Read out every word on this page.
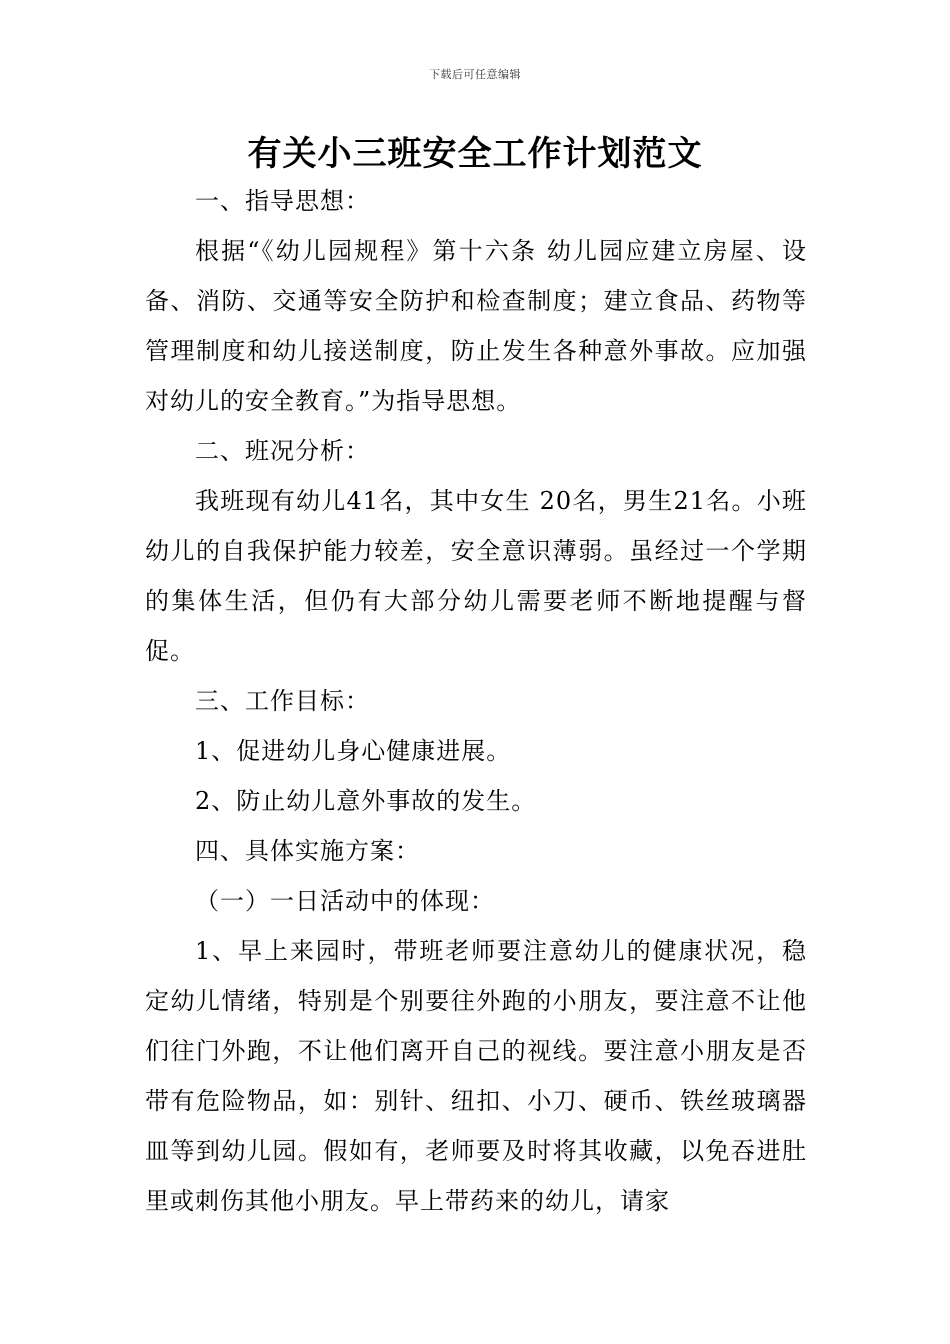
下载后可任意编辑
有关小三班安全工作计划范文

一、指导思想：

根据“《幼儿园规程》第十六条 幼儿园应建立房屋、设备、消防、交通等安全防护和检查制度；建立食品、药物等管理制度和幼儿接送制度，防止发生各种意外事故。应加强对幼儿的安全教育。”为指导思想。

二、班况分析：

我班现有幼儿41名，其中女生 20名，男生21名。小班幼儿的自我保护能力较差，安全意识薄弱。虽经过一个学期的集体生活，但仍有大部分幼儿需要老师不断地提醒与督促。

三、工作目标：

1、促进幼儿身心健康进展。

2、防止幼儿意外事故的发生。

四、具体实施方案：

（一）一日活动中的体现：

1、早上来园时，带班老师要注意幼儿的健康状况，稳定幼儿情绪，特别是个别要往外跑的小朋友，要注意不让他们往门外跑，不让他们离开自己的视线。要注意小朋友是否带有危险物品，如：别针、纽扣、小刀、硬币、铁丝玻璃器皿等到幼儿园。假如有，老师要及时将其收藏，以免吞进肚里或刺伤其他小朋友。早上带药来的幼儿，请家
